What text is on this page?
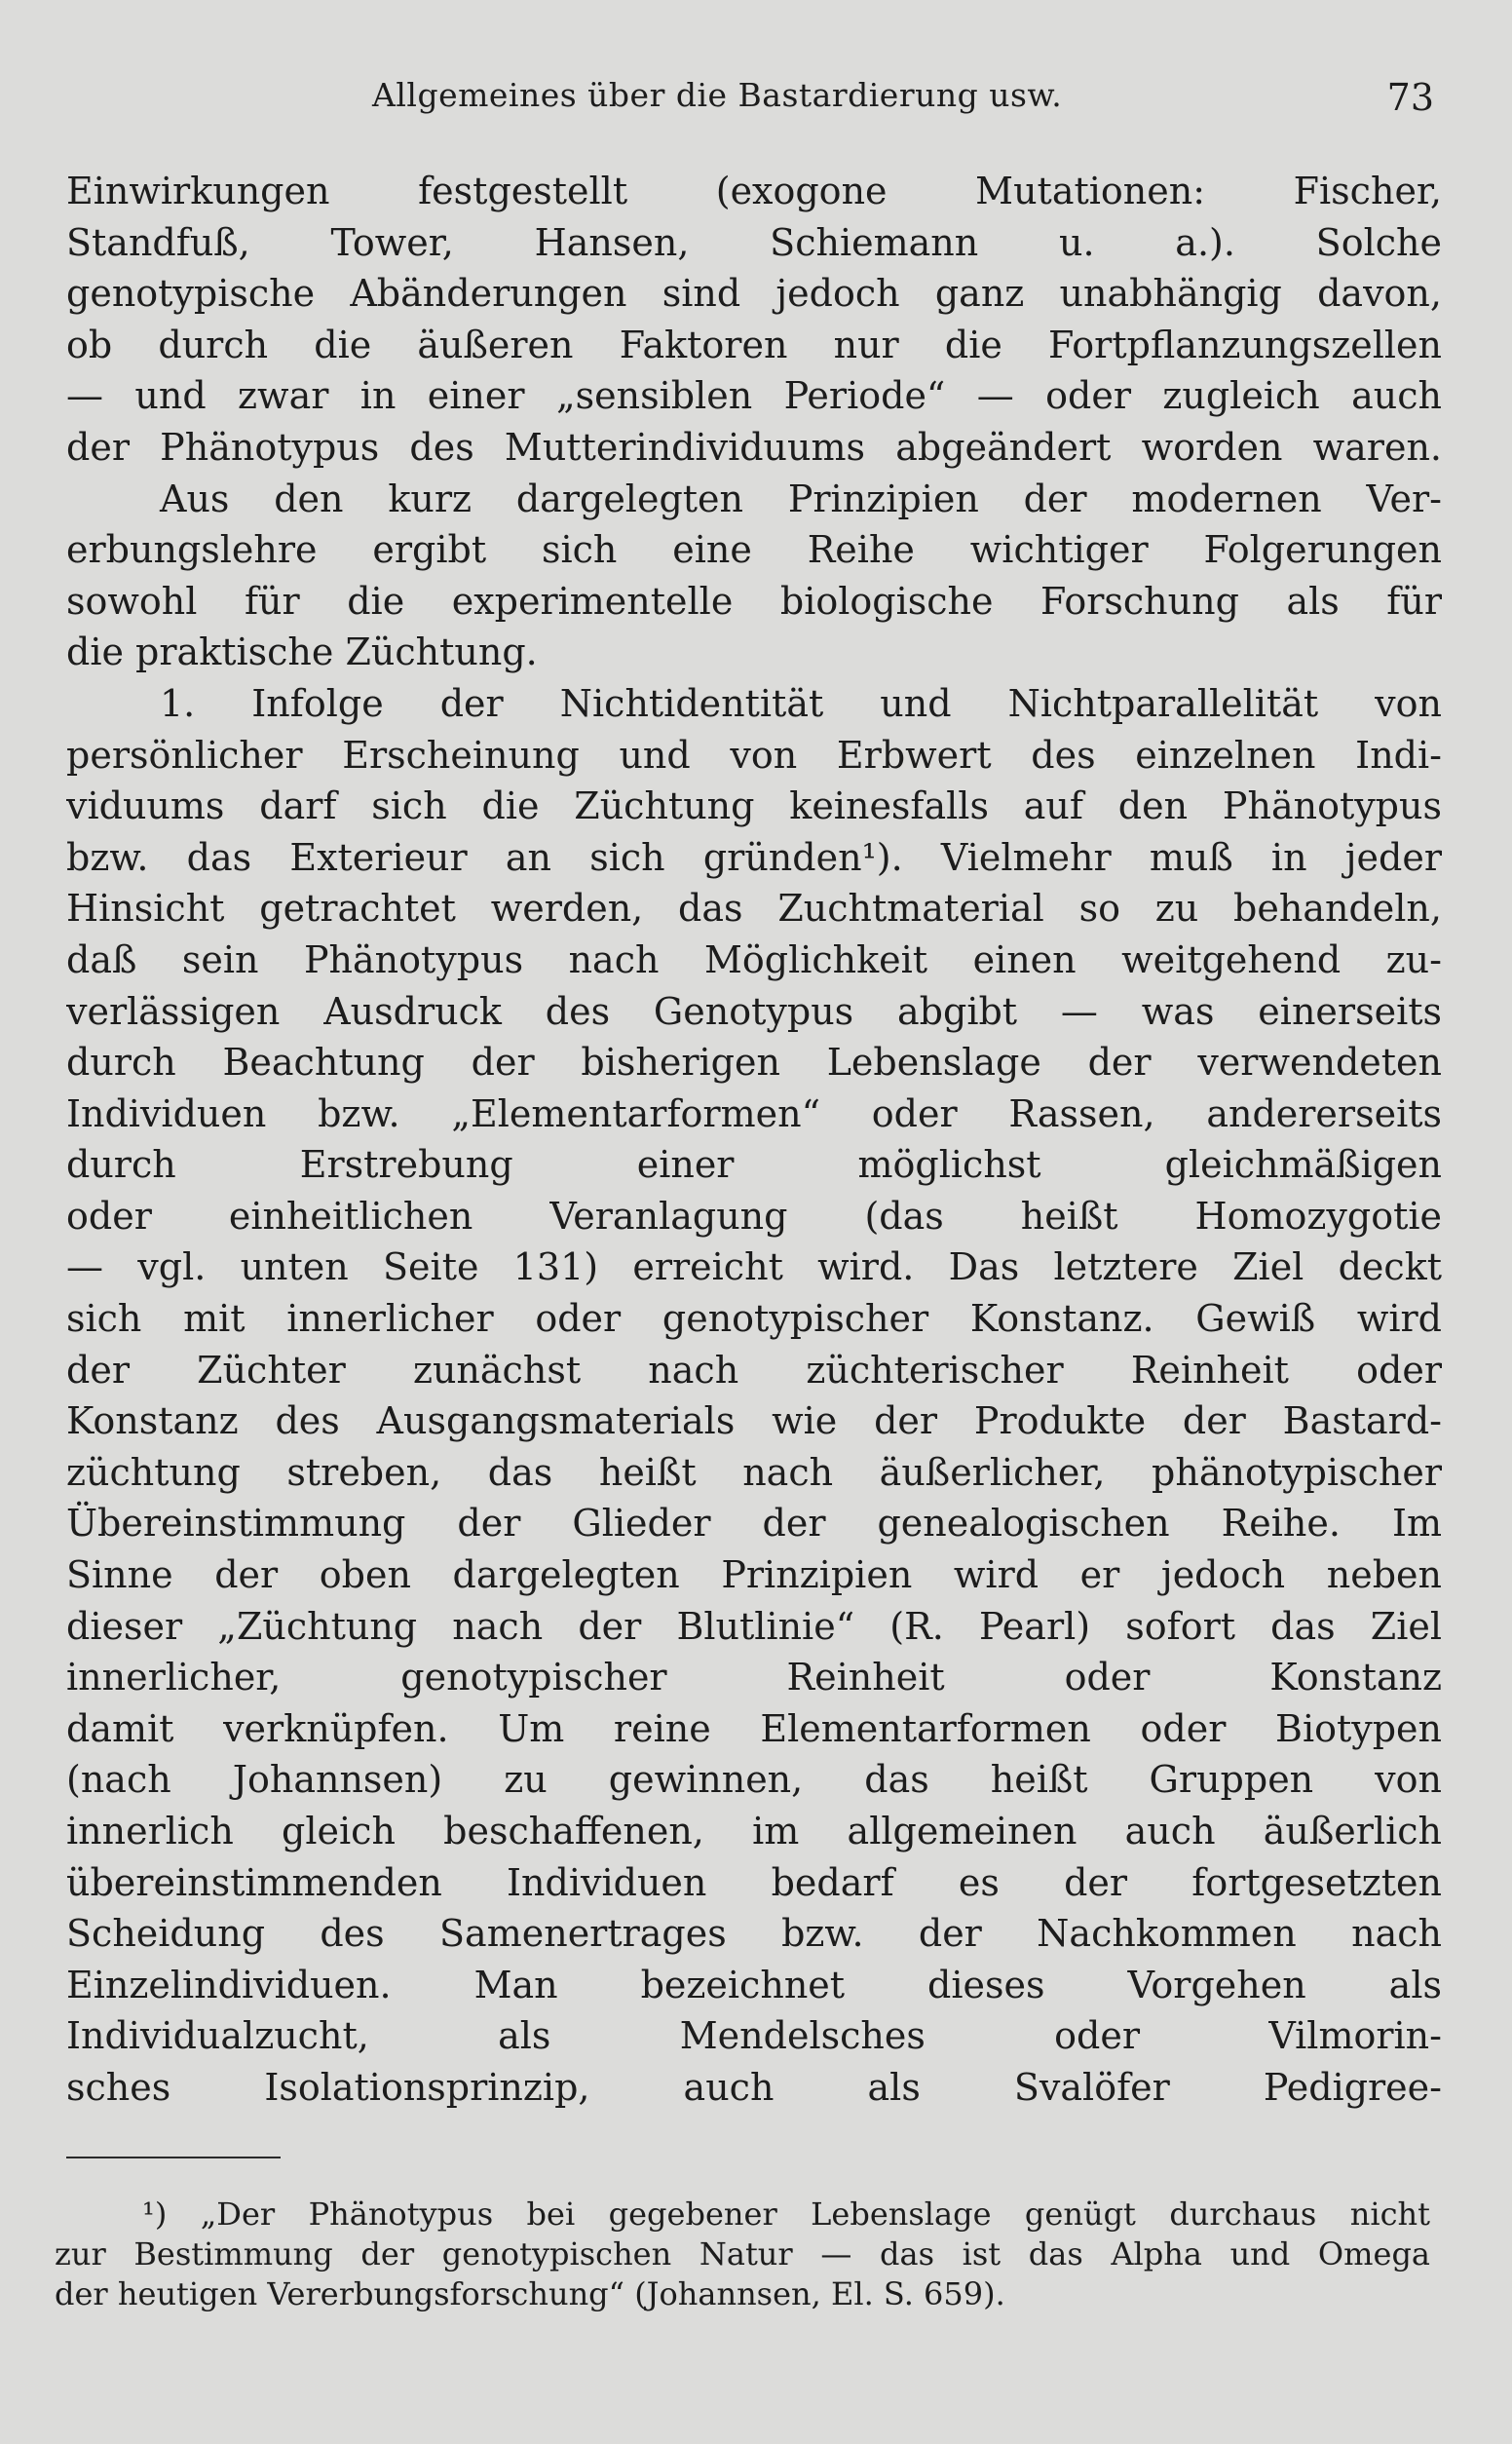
Allgemeines über die Bastardierung usw.	73
Einwirkungen festgestellt (exogone Mutationen: Fischer,
Standfuß, Tower, Hansen, Schiemann u. a.). Solche
genotypische Abänderungen sind jedoch ganz unabhängig davon,
ob durch die äußeren Faktoren nur die Fortpflanzungszellen
— und zwar in einer „sensiblen Periode“ — oder zugleich auch
der Phänotypus des Mutterindividuums abgeändert worden waren.
Aus den kurz dargelegten Prinzipien der modernen Ver-
erbungslehre ergibt sich eine Reihe wichtiger Folgerungen
sowohl für die experimentelle biologische Forschung als für
die praktische Züchtung.
1. Infolge der Nichtidentität und Nichtparallelität von
persönlicher Erscheinung und von Erbwert des einzelnen Indi-
viduums darf sich die Züchtung keinesfalls auf den Phänotypus
bzw. das Exterieur an sich gründen¹). Vielmehr muß in jeder
Hinsicht getrachtet werden, das Zuchtmaterial so zu behandeln,
daß sein Phänotypus nach Möglichkeit einen weitgehend zu-
verlässigen Ausdruck des Genotypus abgibt — was einerseits
durch Beachtung der bisherigen Lebenslage der verwendeten
Individuen bzw. „Elementarformen“ oder Rassen, andererseits
durch Erstrebung einer möglichst gleichmäßigen
oder einheitlichen Veranlagung (das heißt Homozygotie
— vgl. unten Seite 131) erreicht wird. Das letztere Ziel deckt
sich mit innerlicher oder genotypischer Konstanz. Gewiß wird
der Züchter zunächst nach züchterischer Reinheit oder
Konstanz des Ausgangsmaterials wie der Produkte der Bastard-
züchtung streben, das heißt nach äußerlicher, phänotypischer
Übereinstimmung der Glieder der genealogischen Reihe. Im
Sinne der oben dargelegten Prinzipien wird er jedoch neben
dieser „Züchtung nach der Blutlinie“ (R. Pearl) sofort das Ziel
innerlicher, genotypischer Reinheit oder Konstanz
damit verknüpfen. Um reine Elementarformen oder Biotypen
(nach Johannsen) zu gewinnen, das heißt Gruppen von
innerlich gleich beschaffenen, im allgemeinen auch äußerlich
übereinstimmenden Individuen bedarf es der fortgesetzten
Scheidung des Samenertrages bzw. der Nachkommen nach
Einzelindividuen. Man bezeichnet dieses Vorgehen als
Individualzucht, als Mendelsches oder Vilmorin-
sches Isolationsprinzip, auch als Svalöfer Pedigree-
¹) „Der Phänotypus bei gegebener Lebenslage genügt durchaus nicht
zur Bestimmung der genotypischen Natur — das ist das Alpha und Omega
der heutigen Vererbungsforschung“ (Johannsen, El. S. 659).
